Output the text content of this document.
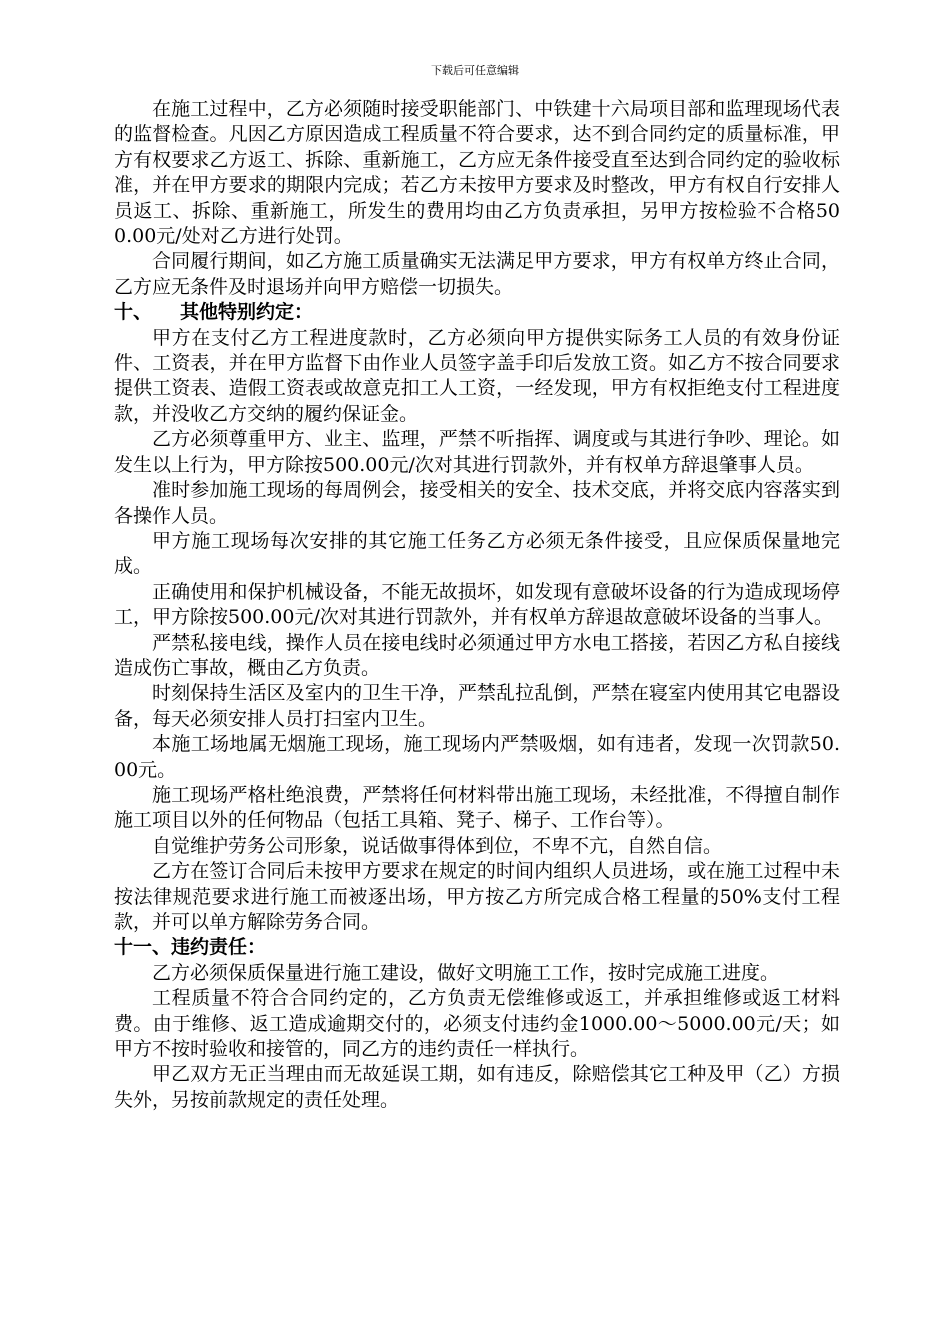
下载后可任意编辑

在施工过程中，乙方必须随时接受职能部门、中铁建十六局项目部和监理现场代表的监督检查。凡因乙方原因造成工程质量不符合要求，达不到合同约定的质量标准，甲方有权要求乙方返工、拆除、重新施工，乙方应无条件接受直至达到合同约定的验收标准，并在甲方要求的期限内完成；若乙方未按甲方要求及时整改，甲方有权自行安排人员返工、拆除、重新施工，所发生的费用均由乙方负责承担，另甲方按检验不合格500.00元/处对乙方进行处罚。

合同履行期间，如乙方施工质量确实无法满足甲方要求，甲方有权单方终止合同，乙方应无条件及时退场并向甲方赔偿一切损失。

十、 其他特别约定：

甲方在支付乙方工程进度款时，乙方必须向甲方提供实际务工人员的有效身份证件、工资表，并在甲方监督下由作业人员签字盖手印后发放工资。如乙方不按合同要求提供工资表、造假工资表或故意克扣工人工资，一经发现，甲方有权拒绝支付工程进度款，并没收乙方交纳的履约保证金。

乙方必须尊重甲方、业主、监理，严禁不听指挥、调度或与其进行争吵、理论。如发生以上行为，甲方除按500.00元/次对其进行罚款外，并有权单方辞退肇事人员。

准时参加施工现场的每周例会，接受相关的安全、技术交底，并将交底内容落实到各操作人员。

甲方施工现场每次安排的其它施工任务乙方必须无条件接受，且应保质保量地完成。

正确使用和保护机械设备，不能无故损坏，如发现有意破坏设备的行为造成现场停工，甲方除按500.00元/次对其进行罚款外，并有权单方辞退故意破坏设备的当事人。

严禁私接电线，操作人员在接电线时必须通过甲方水电工搭接，若因乙方私自接线造成伤亡事故，概由乙方负责。

时刻保持生活区及室内的卫生干净，严禁乱拉乱倒，严禁在寝室内使用其它电器设备，每天必须安排人员打扫室内卫生。

本施工场地属无烟施工现场，施工现场内严禁吸烟，如有违者，发现一次罚款50.00元。

施工现场严格杜绝浪费，严禁将任何材料带出施工现场，未经批准，不得擅自制作施工项目以外的任何物品（包括工具箱、凳子、梯子、工作台等）。

自觉维护劳务公司形象，说话做事得体到位，不卑不亢，自然自信。

乙方在签订合同后未按甲方要求在规定的时间内组织人员进场，或在施工过程中未按法律规范要求进行施工而被逐出场，甲方按乙方所完成合格工程量的50%支付工程款，并可以单方解除劳务合同。

十一、违约责任：

乙方必须保质保量进行施工建设，做好文明施工工作，按时完成施工进度。

工程质量不符合合同约定的，乙方负责无偿维修或返工，并承担维修或返工材料费。由于维修、返工造成逾期交付的，必须支付违约金1000.00～5000.00元/天；如甲方不按时验收和接管的，同乙方的违约责任一样执行。

甲乙双方无正当理由而无故延误工期，如有违反，除赔偿其它工种及甲（乙）方损失外，另按前款规定的责任处理。
